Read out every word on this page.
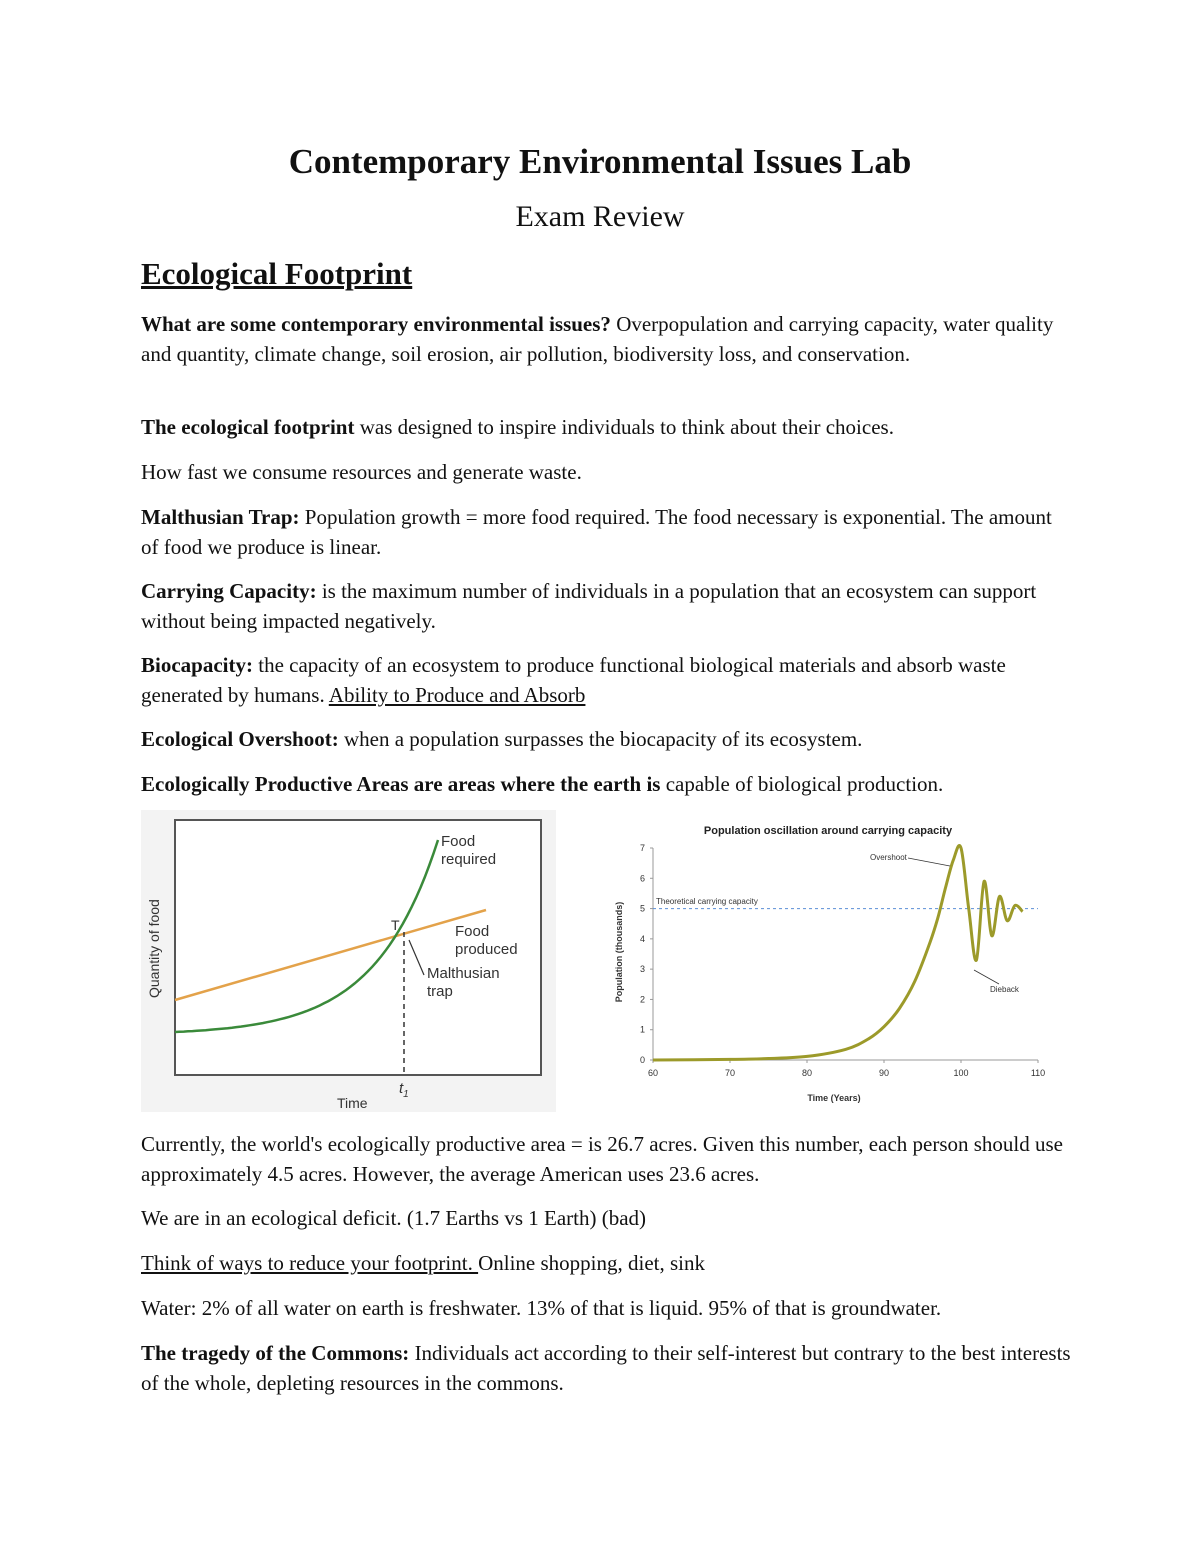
Contemporary Environmental Issues Lab
Exam Review
Ecological Footprint
What are some contemporary environmental issues? Overpopulation and carrying capacity, water quality and quantity, climate change, soil erosion, air pollution, biodiversity loss, and conservation.
The ecological footprint was designed to inspire individuals to think about their choices.
How fast we consume resources and generate waste.
Malthusian Trap: Population growth = more food required. The food necessary is exponential. The amount of food we produce is linear.
Carrying Capacity: is the maximum number of individuals in a population that an ecosystem can support without being impacted negatively.
Biocapacity: the capacity of an ecosystem to produce functional biological materials and absorb waste generated by humans. Ability to Produce and Absorb
Ecological Overshoot: when a population surpasses the biocapacity of its ecosystem.
Ecologically Productive Areas are areas where the earth is capable of biological production.
T
Food
required
Food
produced
Malthusian
trap
$t_1$
Time
Quantity of food
Population oscillation around carrying capacity
60	70	80	90	100	110
0
1
2
3
4
5
6
7
Theoretical carrying capacity
Overshoot
Dieback
Time (Years)
Population (thousands)
Currently, the world's ecologically productive area = is 26.7 acres. Given this number, each person should use approximately 4.5 acres. However, the average American uses 23.6 acres.
We are in an ecological deficit. (1.7 Earths vs 1 Earth) (bad)
Think of ways to reduce your footprint. Online shopping, diet, sink
Water: 2% of all water on earth is freshwater. 13% of that is liquid. 95% of that is groundwater.
The tragedy of the Commons: Individuals act according to their self-interest but contrary to the best interests of the whole, depleting resources in the commons.
